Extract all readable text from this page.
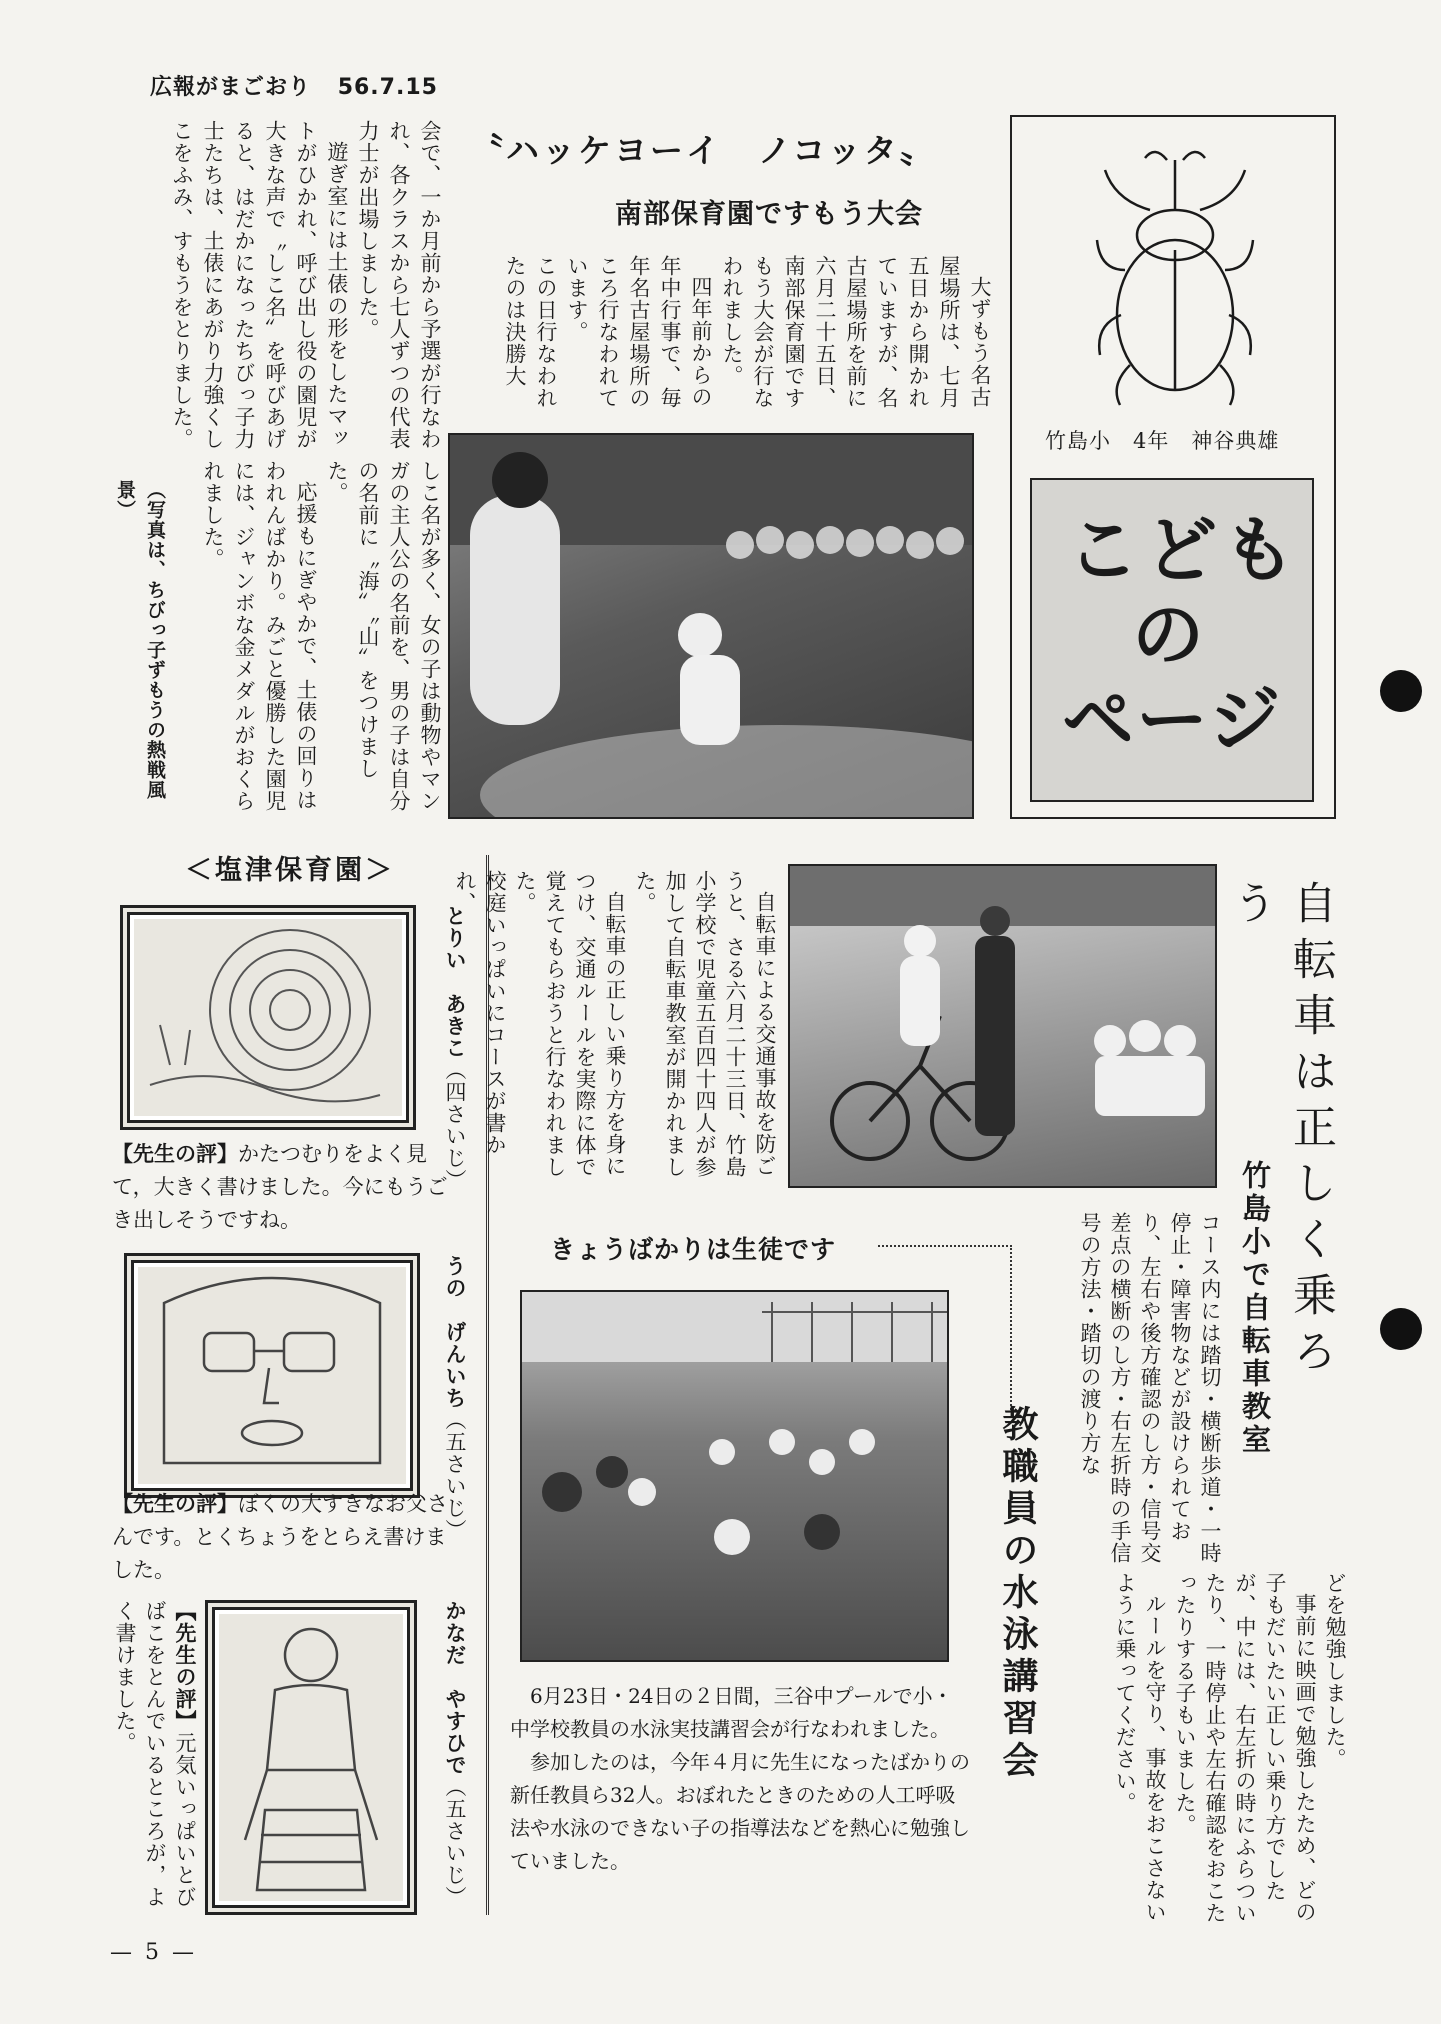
広報がまごおり 56.7.15
〝ハッケヨーイ　ノコッタ〟
南部保育園ですもう大会

大ずもう名古屋場所は、七月五日から開かれていますが、名古屋場所を前に六月二十五日、南部保育園ですもう大会が行なわれました。

四年前からの年中行事で、毎年名古屋場所のころ行なわれています。

この日行なわれたのは決勝大

会で、一か月前から予選が行なわれ、各クラスから七人ずつの代表力士が出場しました。

遊ぎ室には土俵の形をしたマットがひかれ、呼び出し役の園児が大きな声で〝しこ名〟を呼びあげると、はだかになったちびっ子力士たちは、土俵にあがり力強くしこをふみ、すもうをとりました。

しこ名が多く、女の子は動物やマンガの主人公の名前を、男の子は自分の名前に〝海〟〝山〟をつけました。

応援もにぎやかで、土俵の回りはわれんばかり。みごと優勝した園児には、ジャンボな金メダルがおくられました。

（写真は、ちびっ子ずもうの熱戦風景）
竹島小　4年　神谷典雄
こども
の
ページ
＜塩津保育園＞
とりい　あきこ（四さいじ）
【先生の評】かたつむりをよく見て，大きく書けました。今にもうごき出しそうですね。
うの　げんいち（五さいじ）
【先生の評】ぼくの大すきなお父さんです。とくちょうをとらえ書けました。
かなだ　やすひで（五さいじ）
【先生の評】元気いっぱいとびばこをとんでいるところが，よく書けました。

自転車による交通事故を防ごうと、さる六月二十三日、竹島小学校で児童五百四十四人が参加して自転車教室が開かれました。

自転車の正しい乗り方を身につけ、交通ルールを実際に体で覚えてもらおうと行なわれました。

校庭いっぱいにコースが書かれ、	自転車は正しく乗ろう
竹島小で自転車教室

コース内には踏切・横断歩道・一時停止・障害物などが設けられており、左右や後方確認のし方・信号交差点の横断のし方・右左折時の手信号の方法・踏切の渡り方な

どを勉強しました。

事前に映画で勉強したため、どの子もだいたい正しい乗り方でしたが、中には、右左折の時にふらついたり、一時停止や左右確認をおこたったりする子もいました。

ルールを守り、事故をおこさないように乗ってください。

きょうばかりは生徒です
教職員の水泳講習会

6月23日・24日の２日間，三谷中プールで小・中学校教員の水泳実技講習会が行なわれました。

参加したのは，今年４月に先生になったばかりの新任教員ら32人。おぼれたときのための人工呼吸法や水泳のできない子の指導法などを熱心に勉強していました。

— 5 —
